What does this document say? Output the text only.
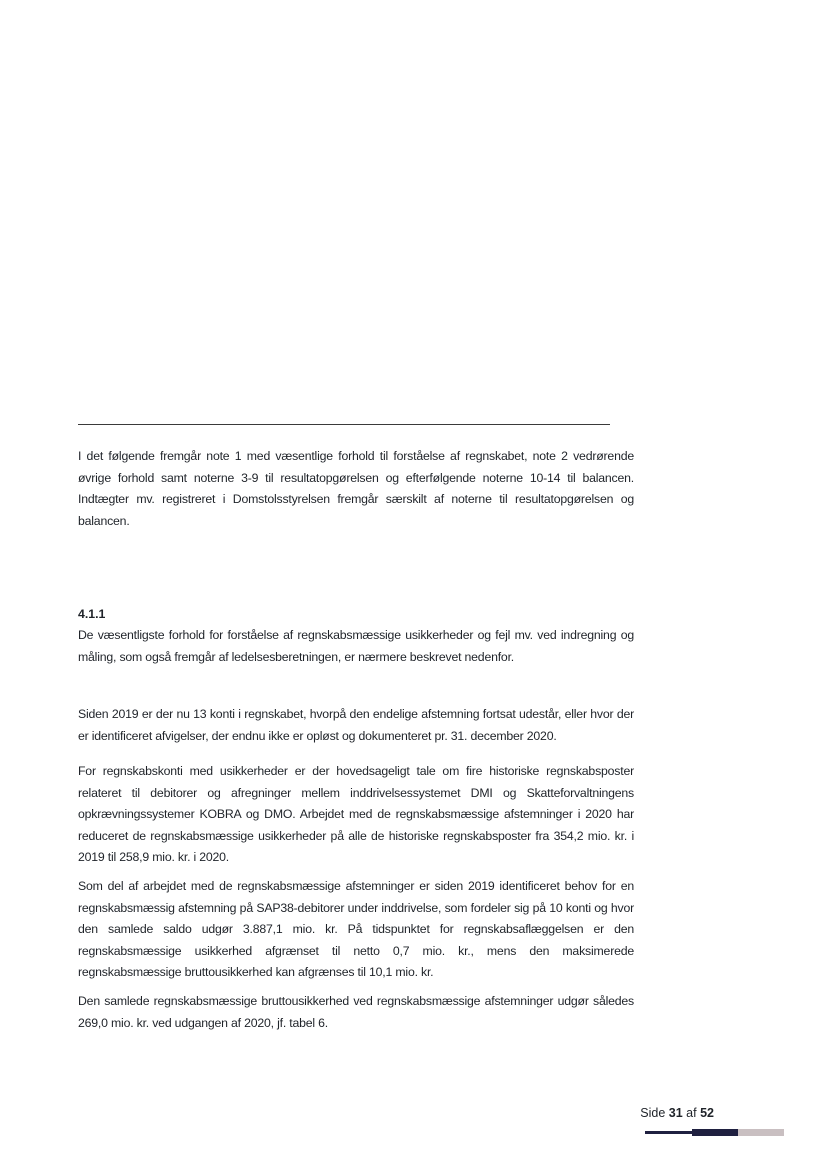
I det følgende fremgår note 1 med væsentlige forhold til forståelse af regnskabet, note 2 vedrørende øvrige forhold samt noterne 3-9 til resultatopgørelsen og efterfølgende noterne 10-14 til balancen. Indtægter mv. registreret i Domstolsstyrelsen fremgår særskilt af noterne til resultatopgørelsen og balancen.

4.1.1

De væsentligste forhold for forståelse af regnskabsmæssige usikkerheder og fejl mv. ved indregning og måling, som også fremgår af ledelsesberetningen, er nærmere beskrevet nedenfor.

Siden 2019 er der nu 13 konti i regnskabet, hvorpå den endelige afstemning fortsat udestår, eller hvor der er identificeret afvigelser, der endnu ikke er opløst og dokumenteret pr. 31. december 2020.

For regnskabskonti med usikkerheder er der hovedsageligt tale om fire historiske regnskabsposter relateret til debitorer og afregninger mellem inddrivelsessystemet DMI og Skatteforvaltningens opkrævningssystemer KOBRA og DMO. Arbejdet med de regnskabsmæssige afstemninger i 2020 har reduceret de regnskabsmæssige usikkerheder på alle de historiske regnskabsposter fra 354,2 mio. kr. i 2019 til 258,9 mio. kr. i 2020.

Som del af arbejdet med de regnskabsmæssige afstemninger er siden 2019 identificeret behov for en regnskabsmæssig afstemning på SAP38-debitorer under inddrivelse, som fordeler sig på 10 konti og hvor den samlede saldo udgør 3.887,1 mio. kr. På tidspunktet for regnskabsaflæggelsen er den regnskabsmæssige usikkerhed afgrænset til netto 0,7 mio. kr., mens den maksimerede regnskabsmæssige bruttousikkerhed kan afgrænses til 10,1 mio. kr.

Den samlede regnskabsmæssige bruttousikkerhed ved regnskabsmæssige afstemninger udgør således 269,0 mio. kr. ved udgangen af 2020, jf. tabel 6.

Side 31 af 52
